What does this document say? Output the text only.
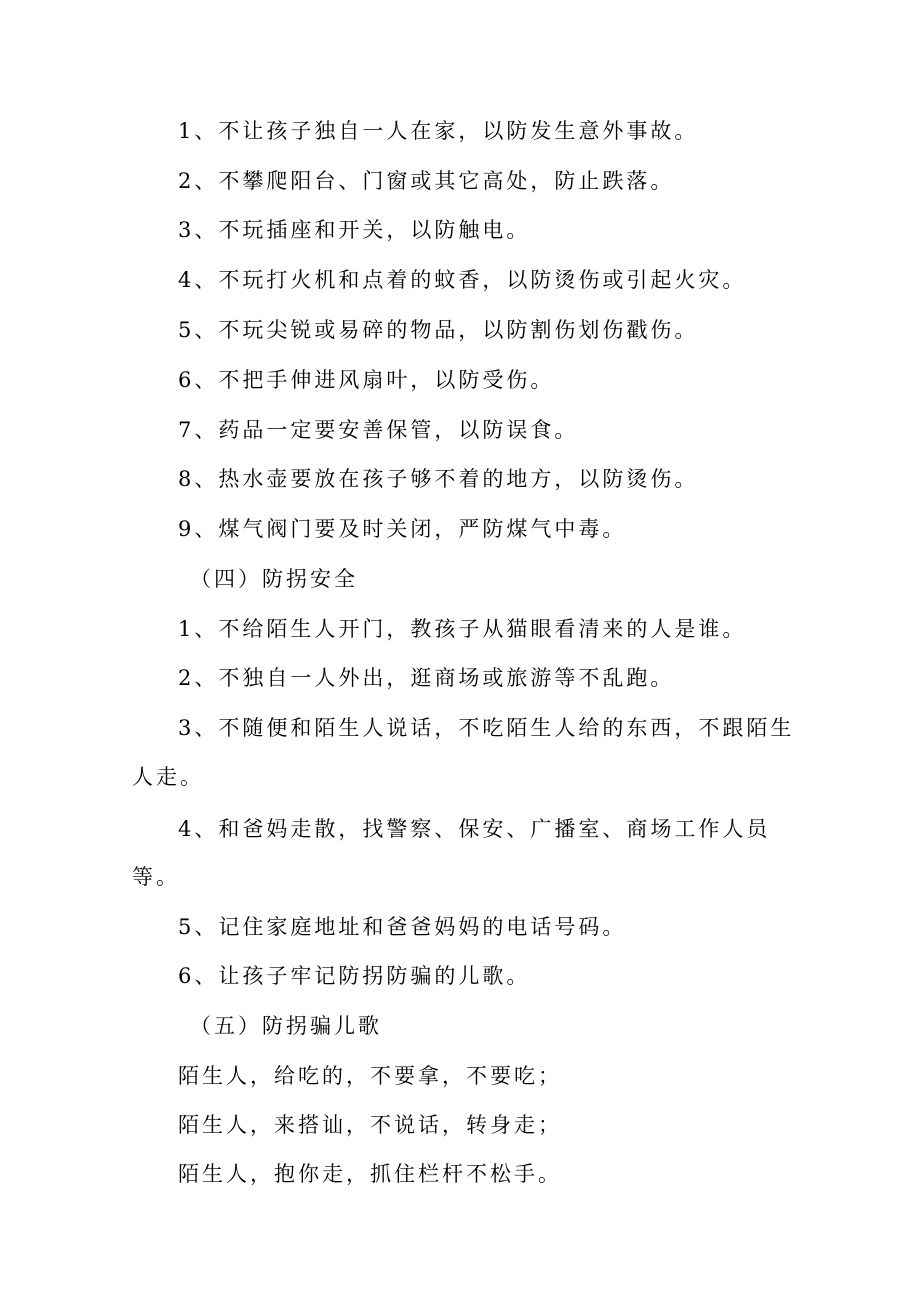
1、不让孩子独自一人在家，以防发生意外事故。
2、不攀爬阳台、门窗或其它高处，防止跌落。
3、不玩插座和开关，以防触电。
4、不玩打火机和点着的蚊香，以防烫伤或引起火灾。
5、不玩尖锐或易碎的物品，以防割伤划伤戳伤。
6、不把手伸进风扇叶，以防受伤。
7、药品一定要安善保管，以防误食。
8、热水壶要放在孩子够不着的地方，以防烫伤。
9、煤气阀门要及时关闭，严防煤气中毒。
（四）防拐安全
1、不给陌生人开门，教孩子从猫眼看清来的人是谁。
2、不独自一人外出，逛商场或旅游等不乱跑。
3、不随便和陌生人说话，不吃陌生人给的东西，不跟陌生
人走。
4、和爸妈走散，找警察、保安、广播室、商场工作人员
等。
5、记住家庭地址和爸爸妈妈的电话号码。
6、让孩子牢记防拐防骗的儿歌。
（五）防拐骗儿歌
陌生人，给吃的，不要拿，不要吃；
陌生人，来搭讪，不说话，转身走；
陌生人，抱你走，抓住栏杆不松手。
